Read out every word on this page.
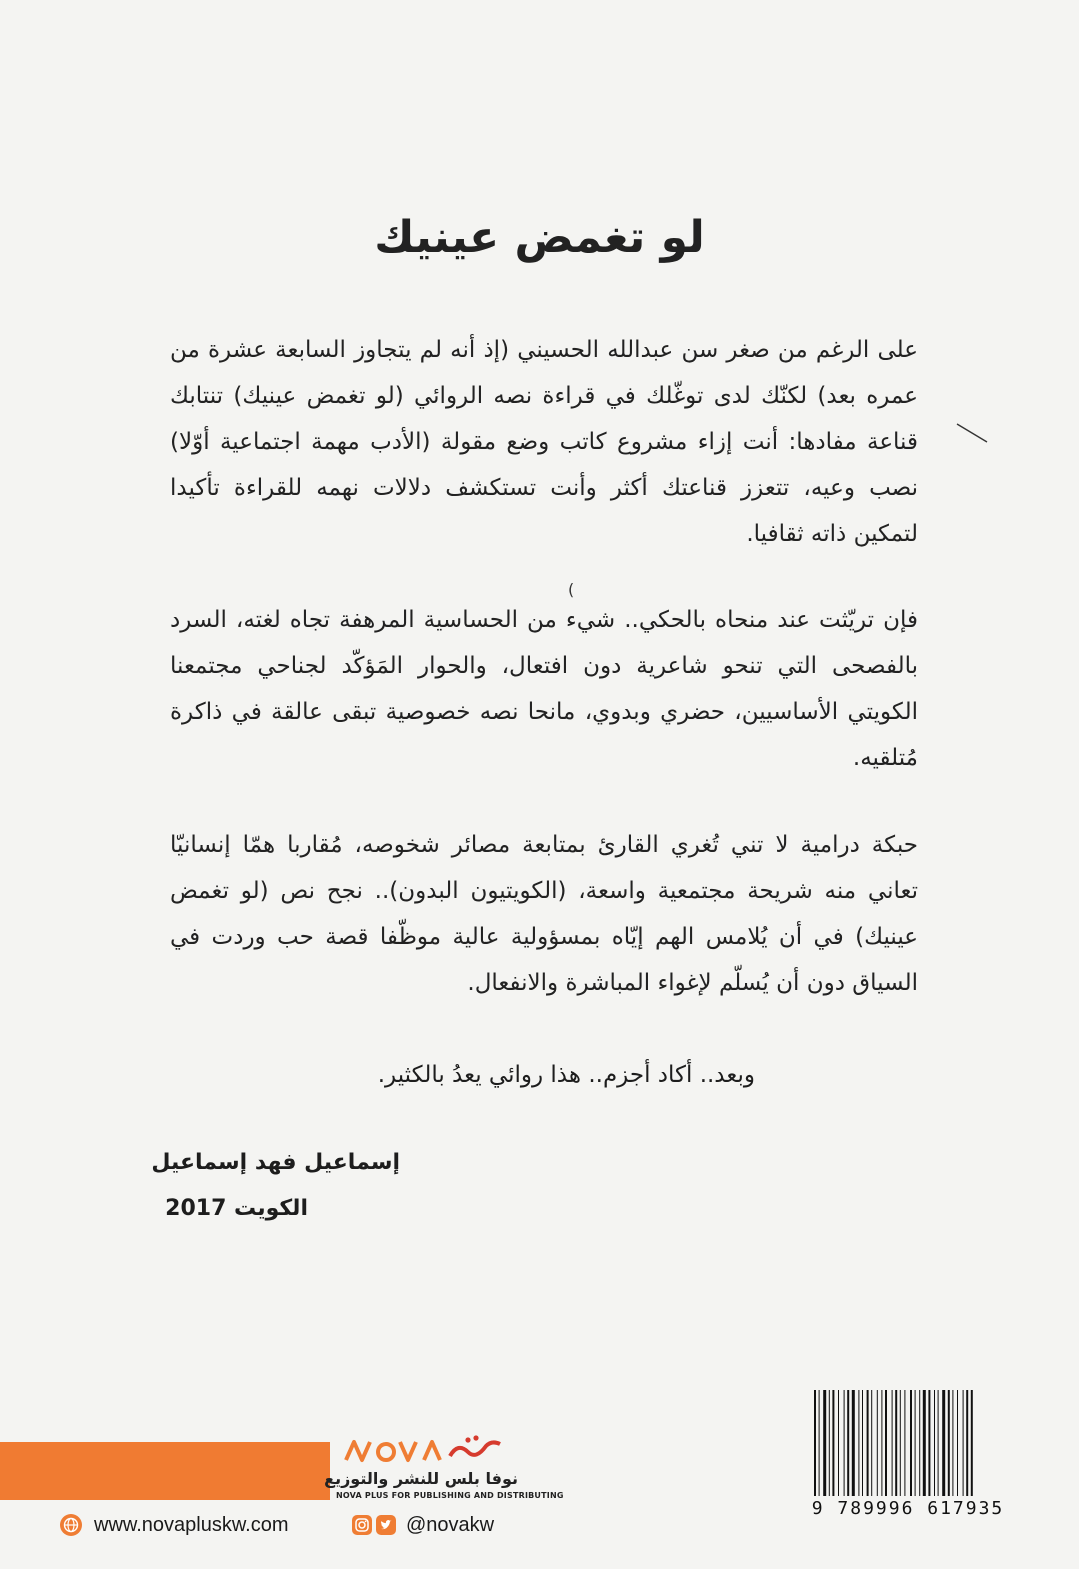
لو تغمض عينيك
على الرغم من صغر سن عبدالله الحسيني (إذ أنه لم يتجاوز السابعة عشرة من عمره بعد) لكنّك لدى توغّلك في قراءة نصه الروائي (لو تغمض عينيك) تنتابك قناعة مفادها: أنت إزاء مشروع كاتب وضع مقولة (الأدب مهمة اجتماعية أوّلا) نصب وعيه، تتعزز قناعتك أكثر وأنت تستكشف دلالات نهمه للقراءة تأكيدا لتمكين ذاته ثقافيا.
(
فإن تريّثت عند منحاه بالحكي.. شيء من الحساسية المرهفة تجاه لغته، السرد بالفصحى التي تنحو شاعرية دون افتعال، والحوار المَؤكّد لجناحي مجتمعنا الكويتي الأساسيين، حضري وبدوي، مانحا نصه خصوصية تبقى عالقة في ذاكرة مُتلقيه.
حبكة درامية لا تني تُغري القارئ بمتابعة مصائر شخوصه، مُقاربا همّا إنسانيّا تعاني منه شريحة مجتمعية واسعة، (الكويتيون البدون).. نجح نص (لو تغمض عينيك) في أن يُلامس الهم إيّاه بمسؤولية عالية موظّفا قصة حب وردت في السياق دون أن يُسلّم لإغواء المباشرة والانفعال.
وبعد.. أكاد أجزم.. هذا روائي يعدُ بالكثير.
إسماعيل فهد إسماعيل
الكويت 2017
نوفا بلس للنشر والتوزيع
NOVA PLUS FOR PUBLISHING AND DISTRIBUTING
9 789996 617935
www.novapluskw.com	@novakw
